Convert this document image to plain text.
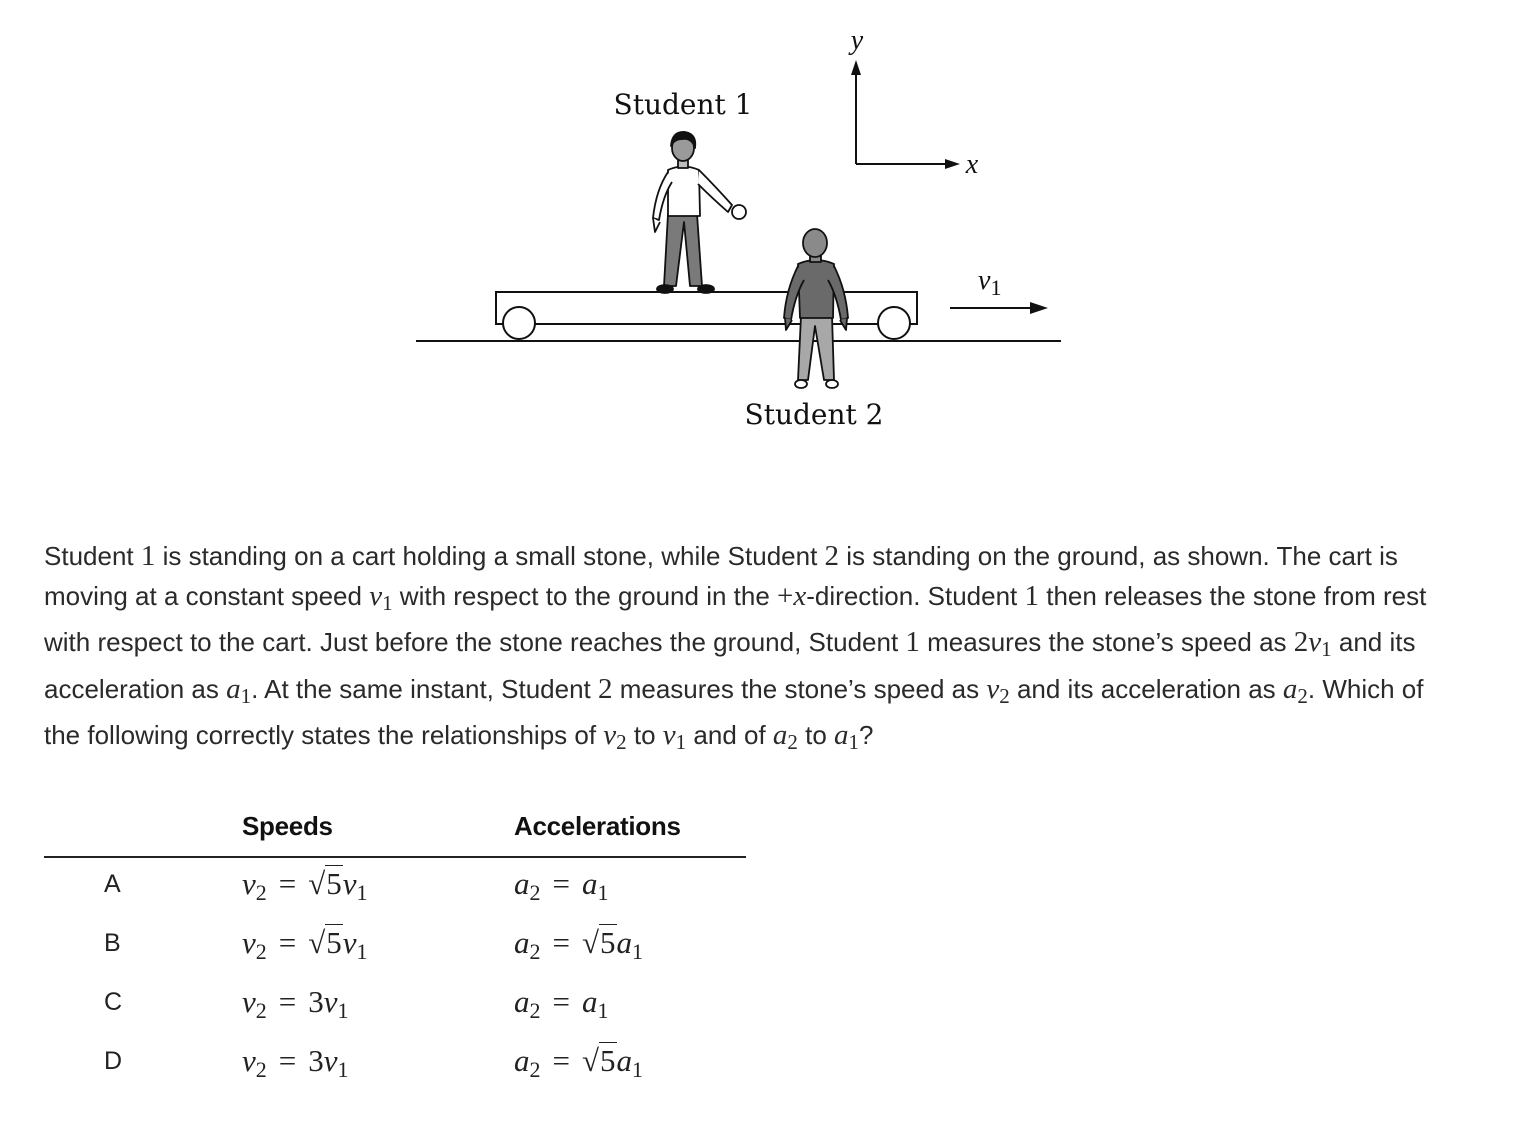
Student 1
Student 2
y
x
$v_1$

Student 1 is standing on a cart holding a small stone, while Student 2 is standing on the ground, as shown. The cart is moving at a constant speed v1 with respect to the ground in the +x-direction. Student 1 then releases the stone from rest with respect to the cart. Just before the stone reaches the ground, Student 1 measures the stone’s speed as 2v1 and its acceleration as a1. At the same instant, Student 2 measures the stone’s speed as v2 and its acceleration as a2. Which of the following correctly states the relationships of v2 to v1 and of a2 to a1?

Speeds	Accelerations
A	$v_2 = √5v_1$	$a_2 = a_1$
B	$v_2 = √5v_1$	$a_2 = √5a_1$
C	$v_2 = 3v_1$	$a_2 = a_1$
D	$v_2 = 3v_1$	$a_2 = √5a_1$
